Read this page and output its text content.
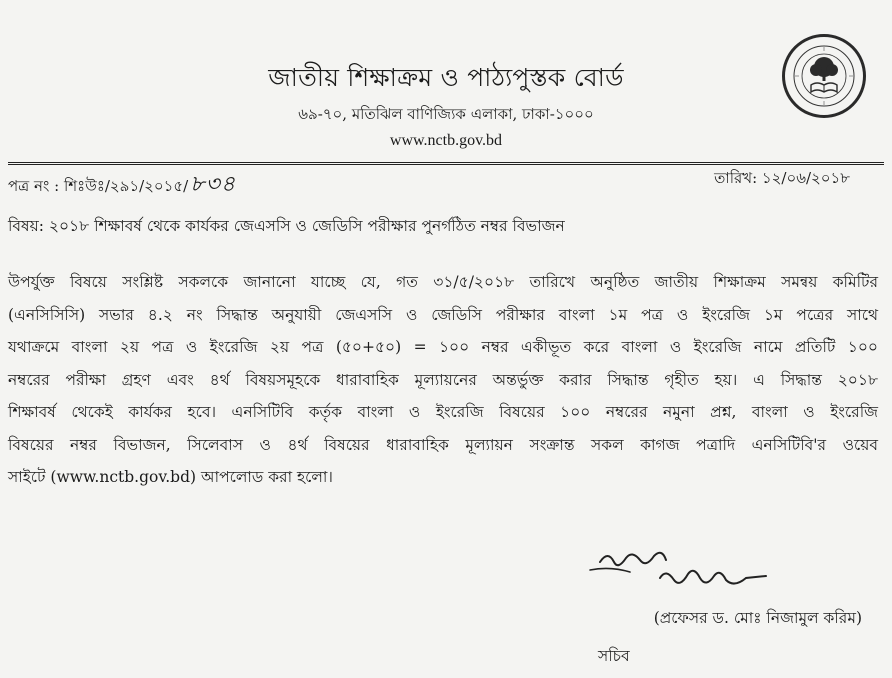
জাতীয় শিক্ষাক্রম ও পাঠ্যপুস্তক বোর্ড
৬৯-৭০, মতিঝিল বাণিজ্যিক এলাকা, ঢাকা-১০০০
www.nctb.gov.bd
পত্র নং : শিঃউঃ/২৯১/২০১৫/৮৩৪	তারিখ: ১২/০৬/২০১৮
বিষয়: ২০১৮ শিক্ষাবর্ষ থেকে কার্যকর জেএসসি ও জেডিসি পরীক্ষার পুনর্গঠিত নম্বর বিভাজন
উপর্যুক্ত বিষয়ে সংশ্লিষ্ট সকলকে জানানো যাচ্ছে যে, গত ৩১/৫/২০১৮ তারিখে অনুষ্ঠিত জাতীয় শিক্ষাক্রম সমন্বয় কমিটির
(এনসিসিসি) সভার ৪.২ নং সিদ্ধান্ত অনুযায়ী জেএসসি ও জেডিসি পরীক্ষার বাংলা ১ম পত্র ও ইংরেজি ১ম পত্রের সাথে
যথাক্রমে বাংলা ২য় পত্র ও ইংরেজি ২য় পত্র (৫০+৫০) = ১০০ নম্বর একীভূত করে বাংলা ও ইংরেজি নামে প্রতিটি ১০০
নম্বরের পরীক্ষা গ্রহণ এবং ৪র্থ বিষয়সমূহকে ধারাবাহিক মূল্যায়নের অন্তর্ভুক্ত করার সিদ্ধান্ত গৃহীত হয়। এ সিদ্ধান্ত ২০১৮
শিক্ষাবর্ষ থেকেই কার্যকর হবে। এনসিটিবি কর্তৃক বাংলা ও ইংরেজি বিষয়ের ১০০ নম্বরের নমুনা প্রশ্ন, বাংলা ও ইংরেজি
বিষয়ের নম্বর বিভাজন, সিলেবাস ও ৪র্থ বিষয়ের ধারাবাহিক মূল্যায়ন সংক্রান্ত সকল কাগজ পত্রাদি এনসিটিবি'র ওয়েব
সাইটে (www.nctb.gov.bd) আপলোড করা হলো।
(প্রফেসর ড. মোঃ নিজামুল করিম)
সচিব
